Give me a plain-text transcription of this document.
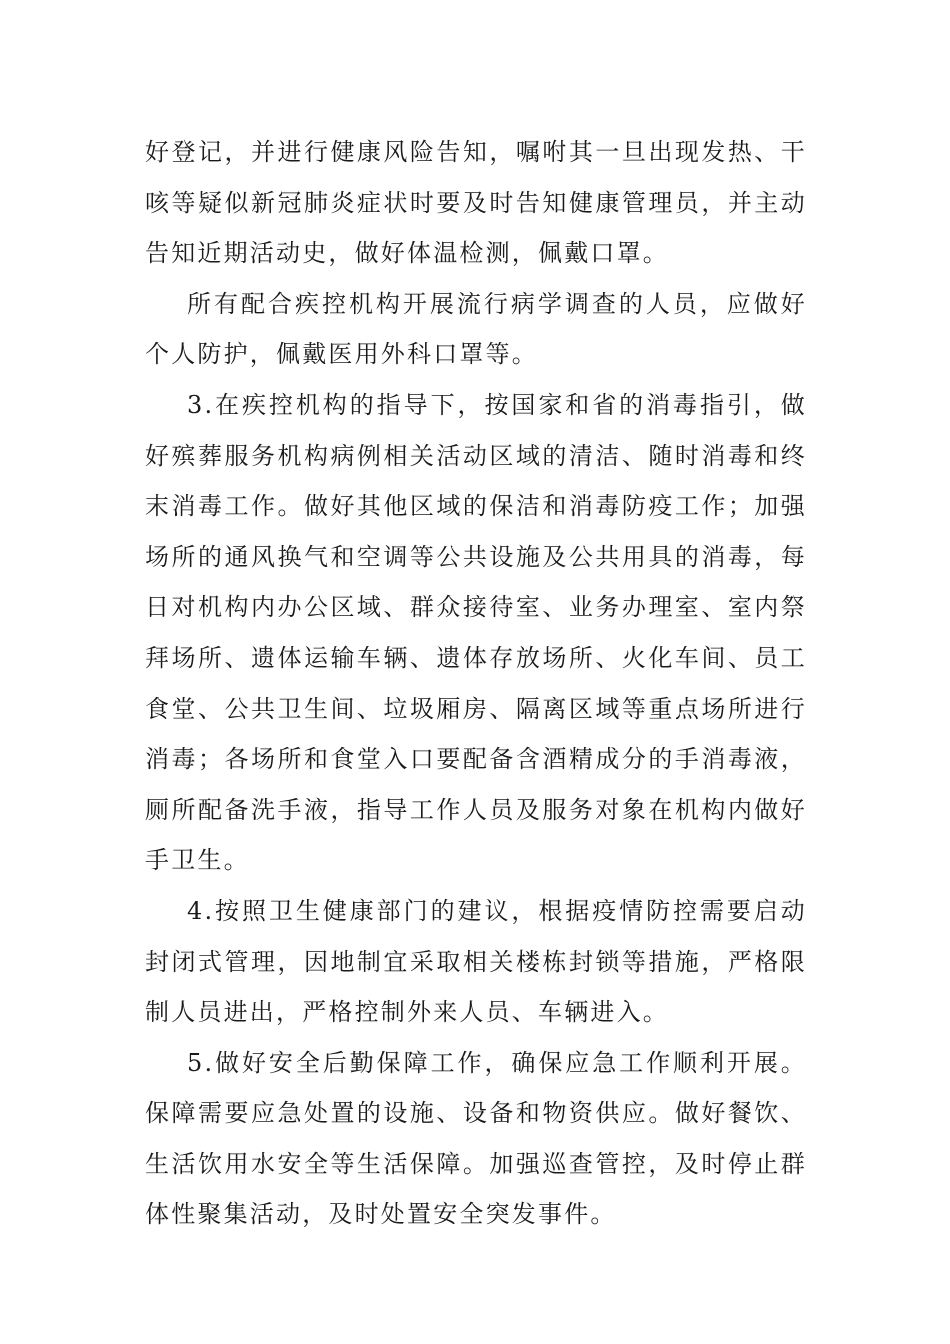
好登记，并进行健康风险告知，嘱咐其一旦出现发热、干咳等疑似新冠肺炎症状时要及时告知健康管理员，并主动告知近期活动史，做好体温检测，佩戴口罩。

所有配合疾控机构开展流行病学调查的人员，应做好个人防护，佩戴医用外科口罩等。

3.在疾控机构的指导下，按国家和省的消毒指引，做好殡葬服务机构病例相关活动区域的清洁、随时消毒和终末消毒工作。做好其他区域的保洁和消毒防疫工作；加强场所的通风换气和空调等公共设施及公共用具的消毒，每日对机构内办公区域、群众接待室、业务办理室、室内祭拜场所、遗体运输车辆、遗体存放场所、火化车间、员工食堂、公共卫生间、垃圾厢房、隔离区域等重点场所进行消毒；各场所和食堂入口要配备含酒精成分的手消毒液，厕所配备洗手液，指导工作人员及服务对象在机构内做好手卫生。

4.按照卫生健康部门的建议，根据疫情防控需要启动封闭式管理，因地制宜采取相关楼栋封锁等措施，严格限制人员进出，严格控制外来人员、车辆进入。

5.做好安全后勤保障工作，确保应急工作顺利开展。保障需要应急处置的设施、设备和物资供应。做好餐饮、生活饮用水安全等生活保障。加强巡查管控，及时停止群体性聚集活动，及时处置安全突发事件。
